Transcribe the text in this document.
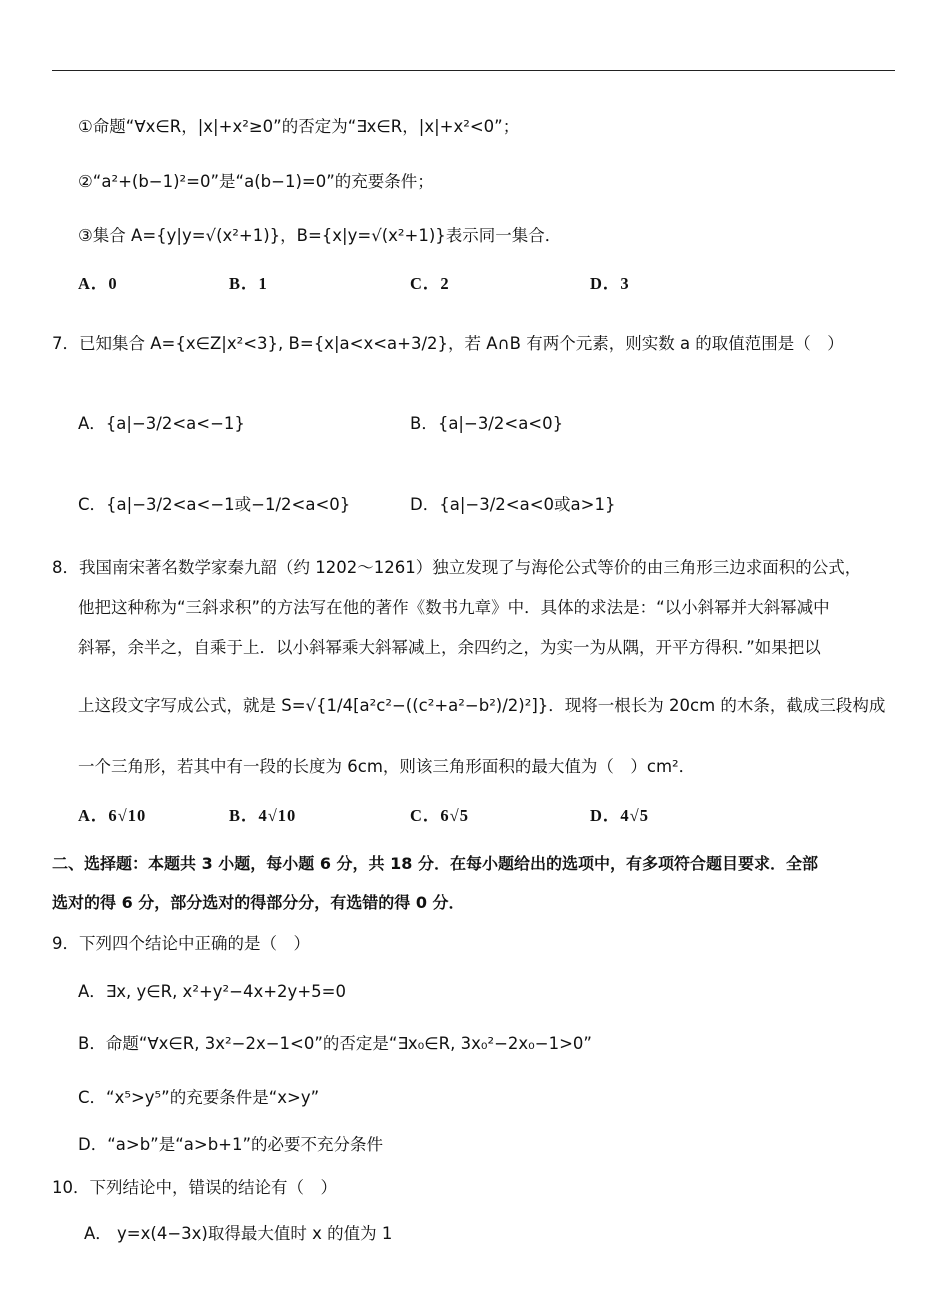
①命题“∀x∈R，|x|+x²≥0”的否定为“∃x∈R，|x|+x²<0”；
②“a²+(b−1)²=0”是“a(b−1)=0”的充要条件；
③集合 A={y|y=√(x²+1)}，B={x|y=√(x²+1)}表示同一集合．
A．0	B．1	C．2	D．3
7．已知集合 A={x∈Z|x²<3}, B={x|a<x<a+3/2}，若 A∩B 有两个元素，则实数 a 的取值范围是（　）
A．{a|−3/2<a<−1}	B．{a|−3/2<a<0}
C．{a|−3/2<a<−1或−1/2<a<0}	D．{a|−3/2<a<0或a>1}
8．我国南宋著名数学家秦九韶（约 1202～1261）独立发现了与海伦公式等价的由三角形三边求面积的公式，
他把这种称为“三斜求积”的方法写在他的著作《数书九章》中．具体的求法是：“以小斜幂并大斜幂减中
斜幂，余半之，自乘于上．以小斜幂乘大斜幂减上，余四约之，为实一为从隅，开平方得积．”如果把以
上这段文字写成公式，就是 S=√{1/4[a²c²−((c²+a²−b²)/2)²]}．现将一根长为 20cm 的木条，截成三段构成
一个三角形，若其中有一段的长度为 6cm，则该三角形面积的最大值为（　）cm²．
A．6√10	B．4√10	C．6√5	D．4√5
二、选择题：本题共 3 小题，每小题 6 分，共 18 分．在每小题给出的选项中，有多项符合题目要求．全部
选对的得 6 分，部分选对的得部分分，有选错的得 0 分．
9．下列四个结论中正确的是（　）
A．∃x, y∈R, x²+y²−4x+2y+5=0
B．命题“∀x∈R, 3x²−2x−1<0”的否定是“∃x₀∈R, 3x₀²−2x₀−1>0”
C．“x⁵>y⁵”的充要条件是“x>y”
D．“a>b”是“a>b+1”的必要不充分条件
10．下列结论中，错误的结论有（　）
A． y=x(4−3x)取得最大值时 x 的值为 1
